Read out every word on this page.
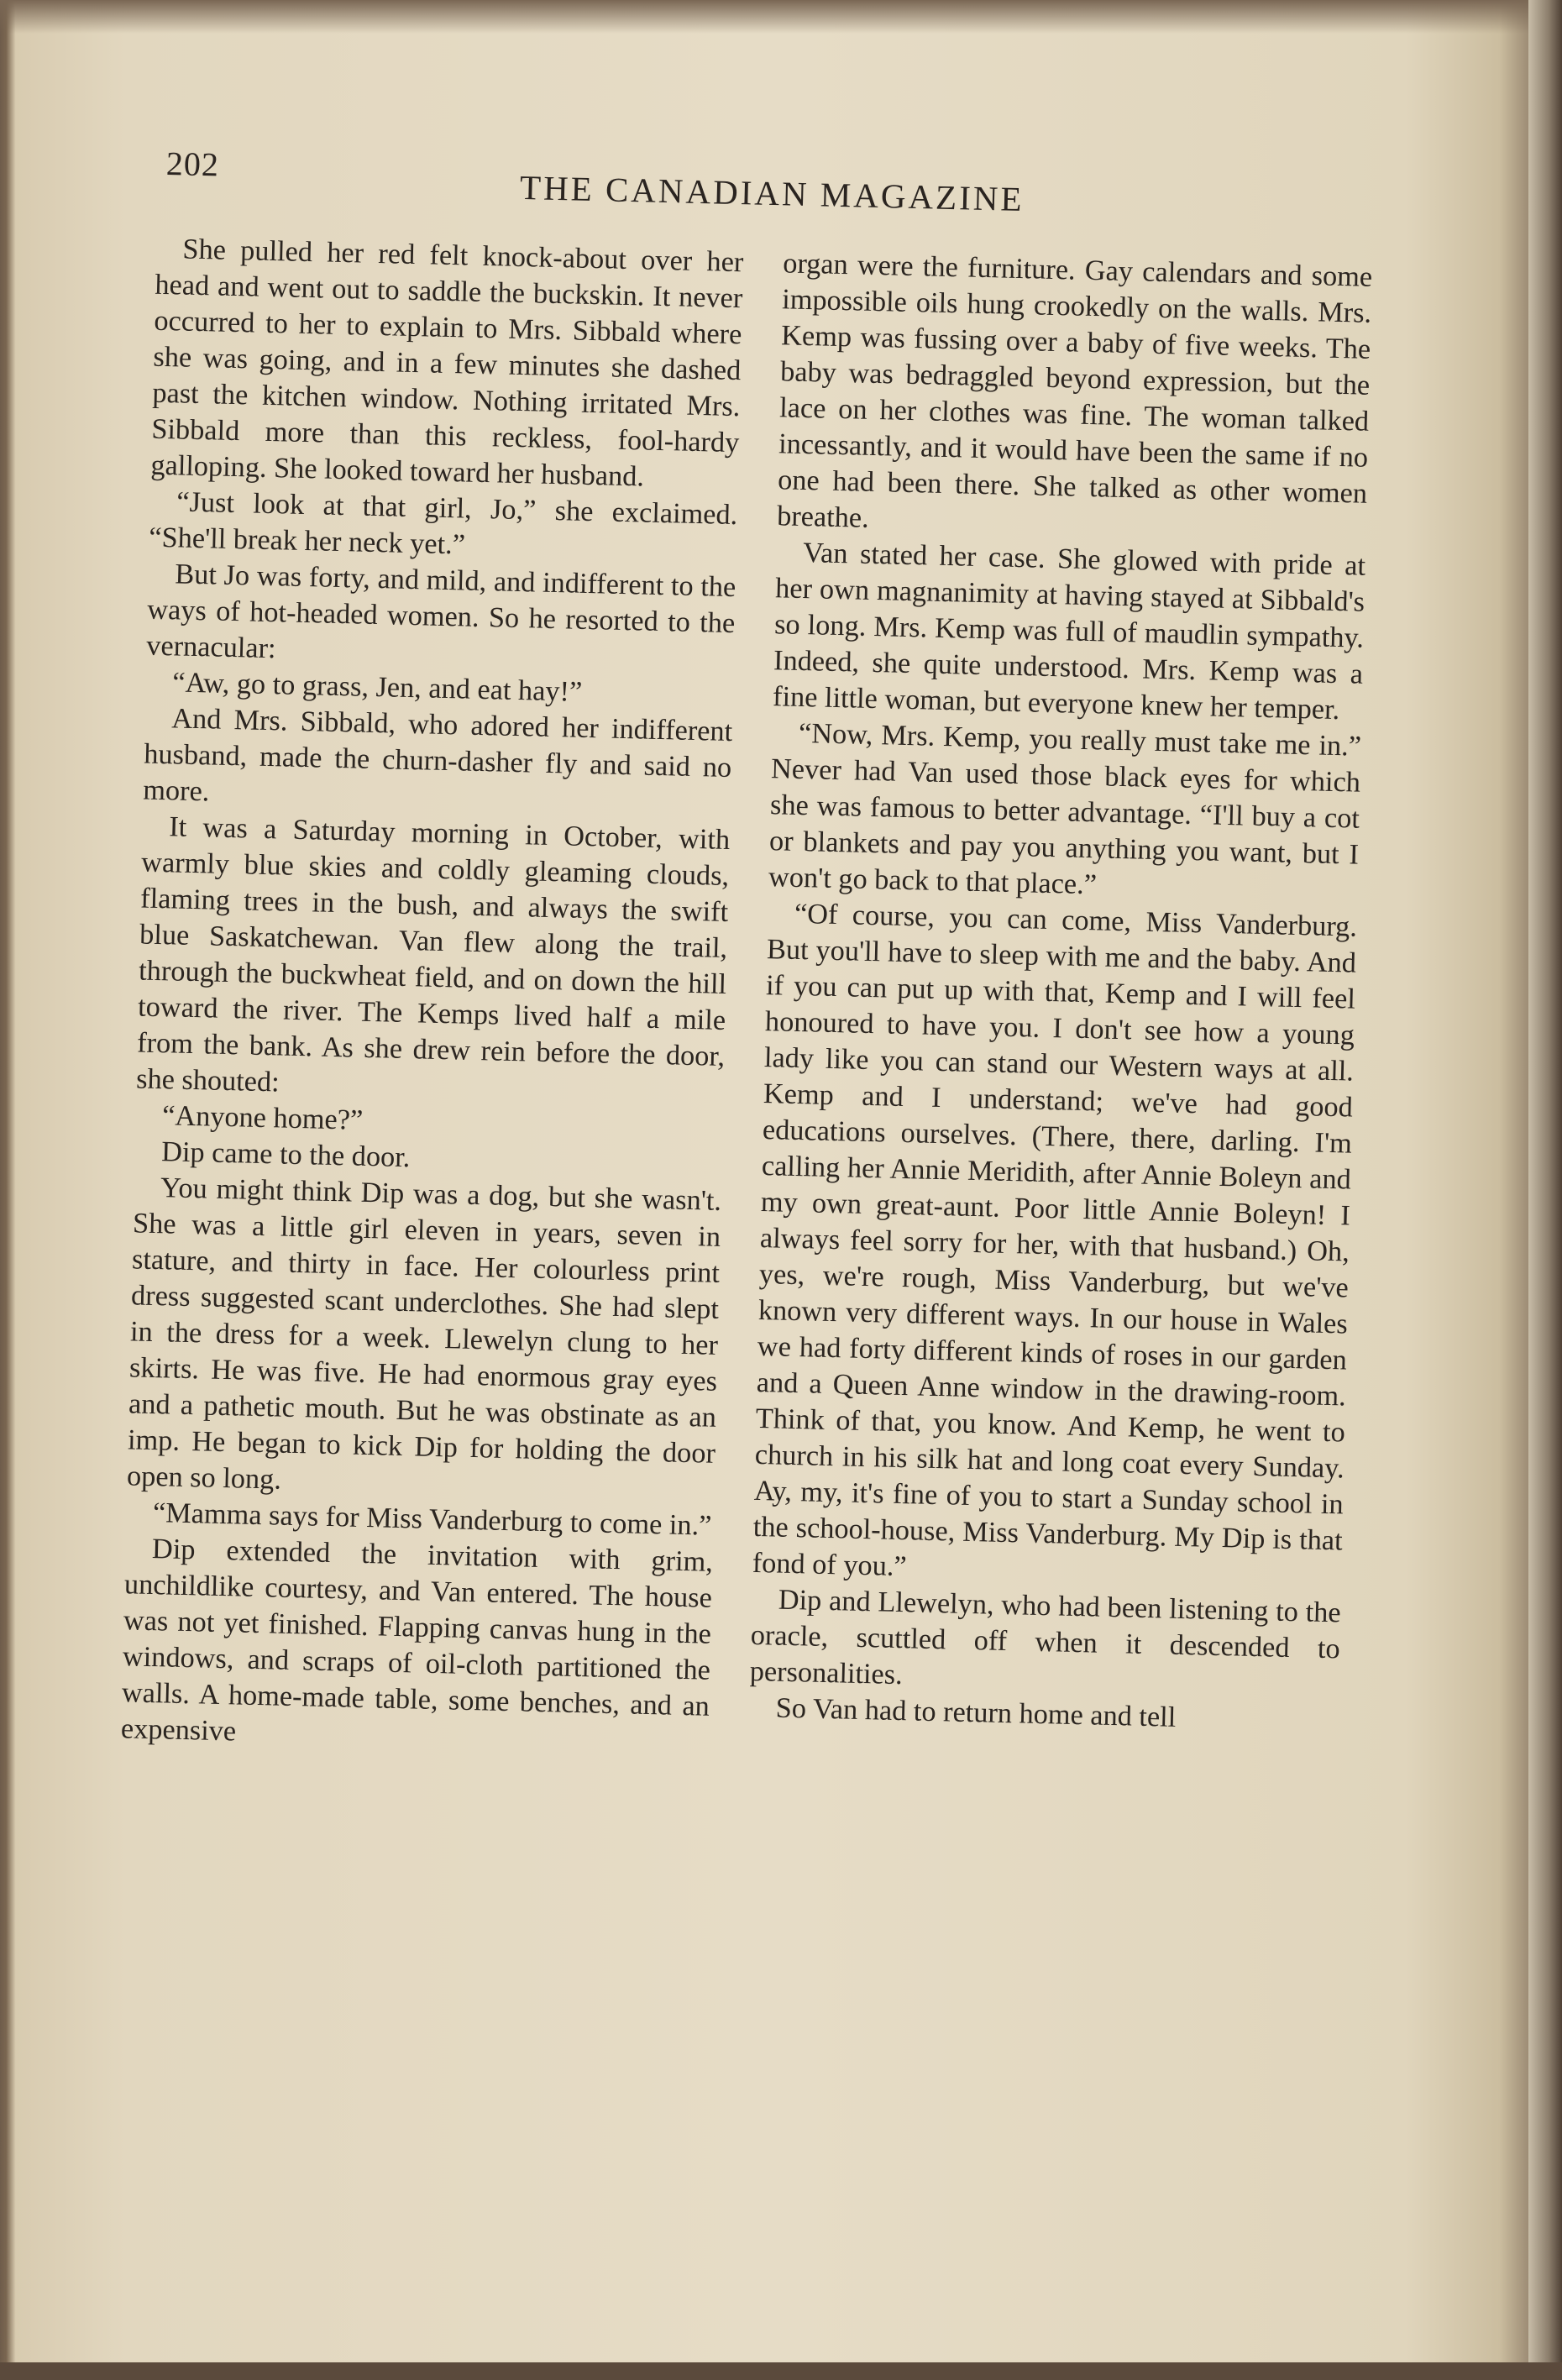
202
THE CANADIAN MAGAZINE

She pulled her red felt knock-about over her head and went out to saddle the buckskin. It never occurred to her to explain to Mrs. Sibbald where she was going, and in a few minutes she dashed past the kitchen window. Nothing irritated Mrs. Sibbald more than this reckless, fool-hardy galloping. She looked toward her husband.

“Just look at that girl, Jo,” she exclaimed. “She'll break her neck yet.”

But Jo was forty, and mild, and indifferent to the ways of hot-headed women. So he resorted to the vernacular:

“Aw, go to grass, Jen, and eat hay!”

And Mrs. Sibbald, who adored her indifferent husband, made the churn-dasher fly and said no more.

It was a Saturday morning in October, with warmly blue skies and coldly gleaming clouds, flaming trees in the bush, and always the swift blue Saskatchewan. Van flew along the trail, through the buckwheat field, and on down the hill toward the river. The Kemps lived half a mile from the bank. As she drew rein before the door, she shouted:

“Anyone home?”

Dip came to the door.

You might think Dip was a dog, but she wasn't. She was a little girl eleven in years, seven in stature, and thirty in face. Her colourless print dress suggested scant underclothes. She had slept in the dress for a week. Llewelyn clung to her skirts. He was five. He had enormous gray eyes and a pathetic mouth. But he was obstinate as an imp. He began to kick Dip for holding the door open so long.

“Mamma says for Miss Vanderburg to come in.”

Dip extended the invitation with grim, unchildlike courtesy, and Van entered. The house was not yet finished. Flapping canvas hung in the windows, and scraps of oil-cloth partitioned the walls. A home-made table, some benches, and an expensive

organ were the furniture. Gay calendars and some impossible oils hung crookedly on the walls. Mrs. Kemp was fussing over a baby of five weeks. The baby was bedraggled beyond expression, but the lace on her clothes was fine. The woman talked incessantly, and it would have been the same if no one had been there. She talked as other women breathe.

Van stated her case. She glowed with pride at her own magnanimity at having stayed at Sibbald's so long. Mrs. Kemp was full of maudlin sympathy. Indeed, she quite understood. Mrs. Kemp was a fine little woman, but everyone knew her temper.

“Now, Mrs. Kemp, you really must take me in.” Never had Van used those black eyes for which she was famous to better advantage. “I'll buy a cot or blankets and pay you anything you want, but I won't go back to that place.”

“Of course, you can come, Miss Vanderburg. But you'll have to sleep with me and the baby. And if you can put up with that, Kemp and I will feel honoured to have you. I don't see how a young lady like you can stand our Western ways at all. Kemp and I understand; we've had good educations ourselves. (There, there, darling. I'm calling her Annie Meridith, after Annie Boleyn and my own great-aunt. Poor little Annie Boleyn! I always feel sorry for her, with that husband.) Oh, yes, we're rough, Miss Vanderburg, but we've known very different ways. In our house in Wales we had forty different kinds of roses in our garden and a Queen Anne window in the drawing-room. Think of that, you know. And Kemp, he went to church in his silk hat and long coat every Sunday. Ay, my, it's fine of you to start a Sunday school in the school-house, Miss Vanderburg. My Dip is that fond of you.”

Dip and Llewelyn, who had been listening to the oracle, scuttled off when it descended to personalities.

So Van had to return home and tell
